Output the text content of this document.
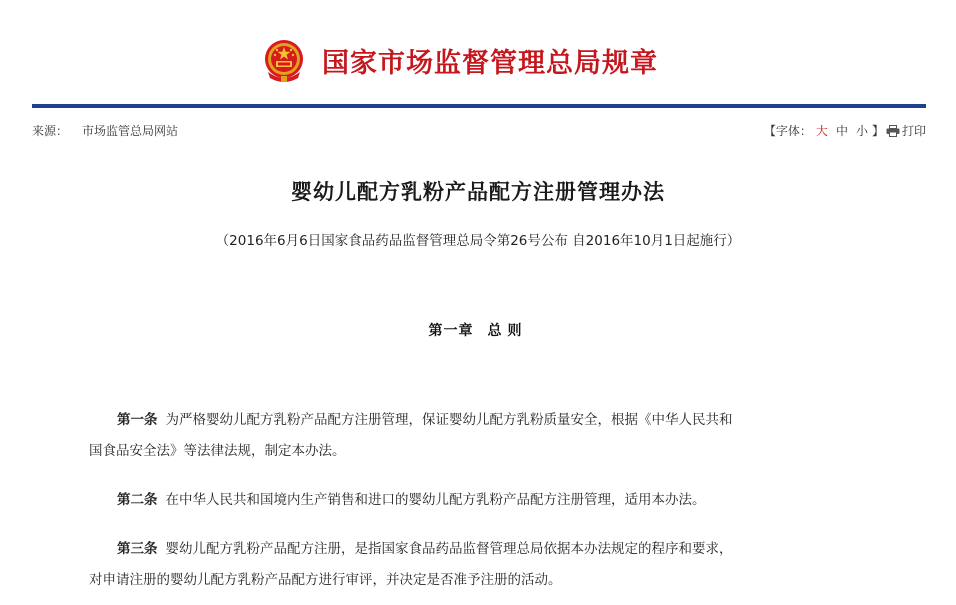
国家市场监督管理总局规章
来源： 市场监管总局网站	【字体： 大 中 小 】 打印
婴幼儿配方乳粉产品配方注册管理办法
（2016年6月6日国家食品药品监督管理总局令第26号公布 自2016年10月1日起施行）
第一章 总则
第一条 为严格婴幼儿配方乳粉产品配方注册管理，保证婴幼儿配方乳粉质量安全，根据《中华人民共和
国食品安全法》等法律法规，制定本办法。
第二条 在中华人民共和国境内生产销售和进口的婴幼儿配方乳粉产品配方注册管理，适用本办法。
第三条 婴幼儿配方乳粉产品配方注册，是指国家食品药品监督管理总局依据本办法规定的程序和要求，
对申请注册的婴幼儿配方乳粉产品配方进行审评，并决定是否准予注册的活动。
